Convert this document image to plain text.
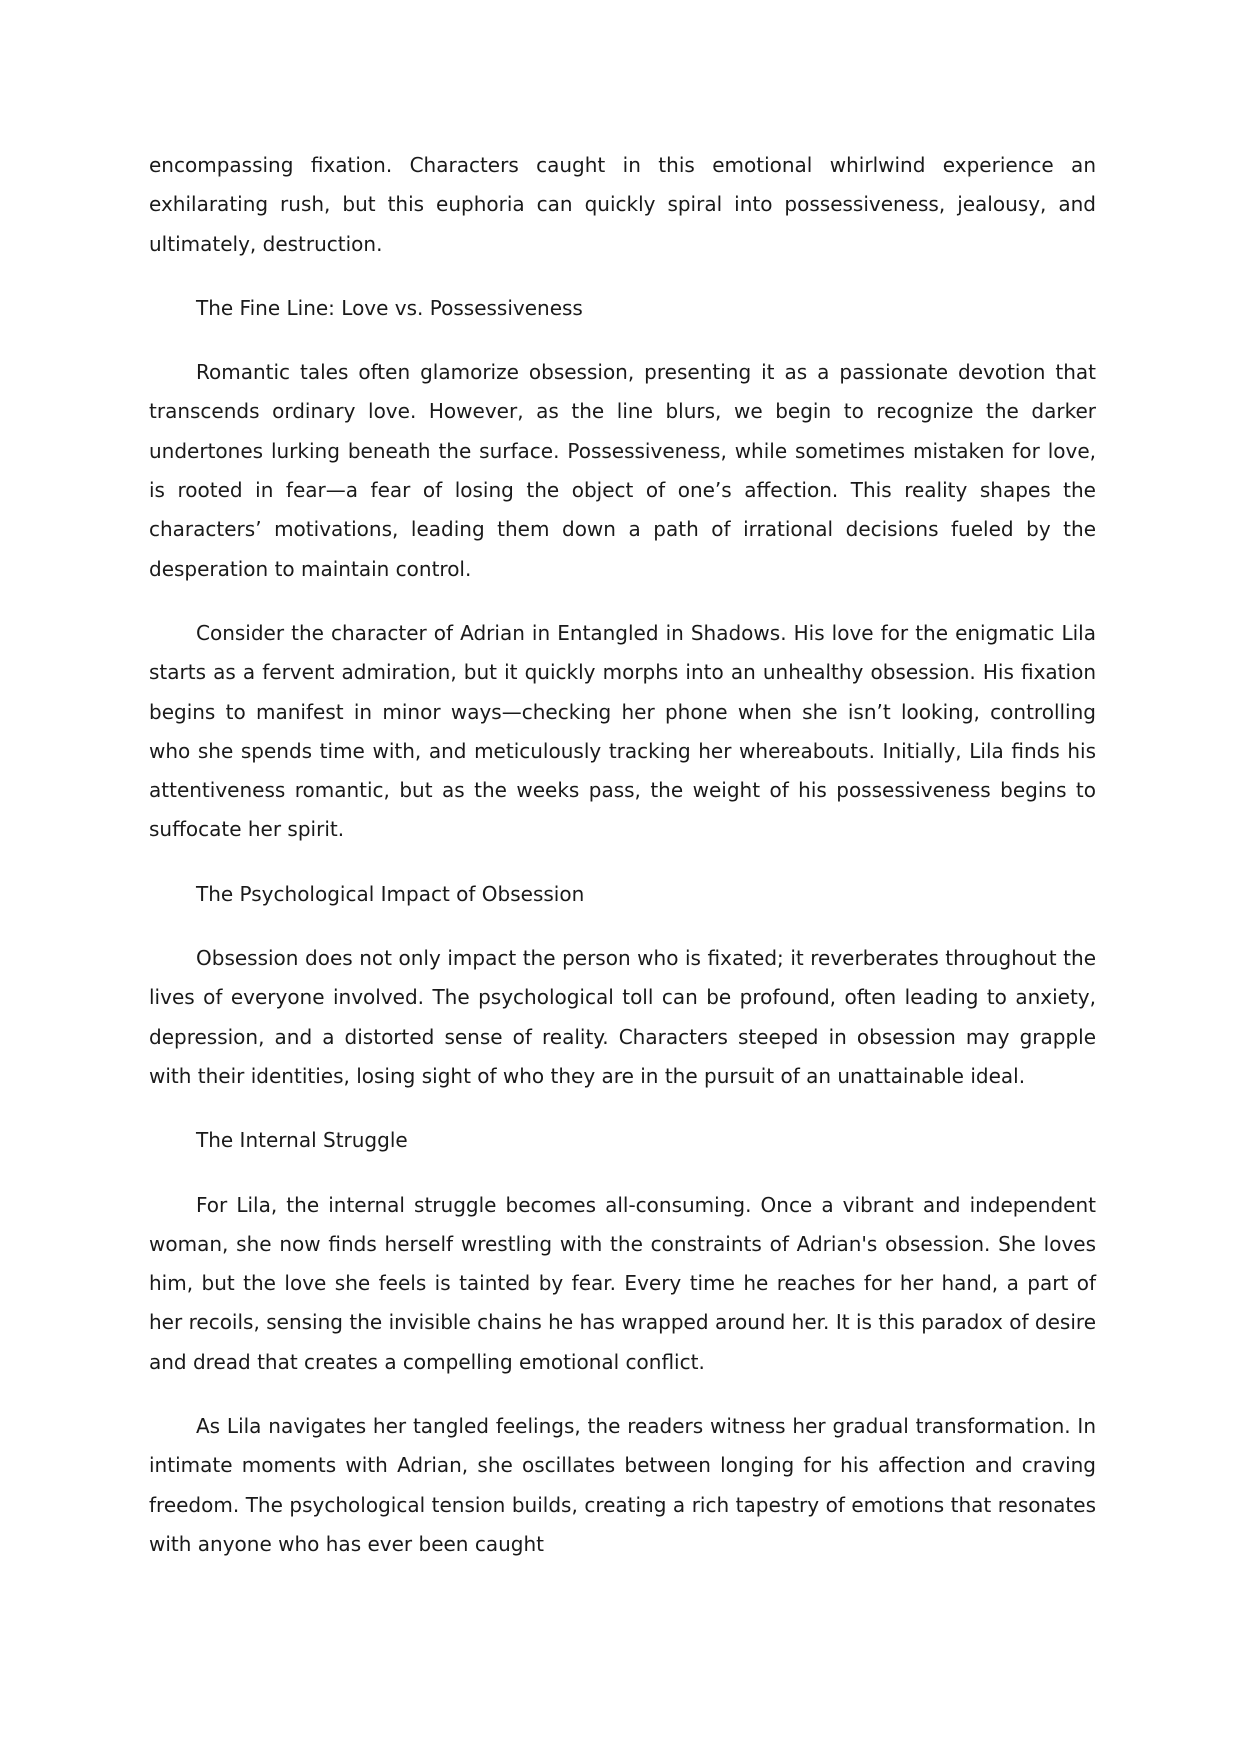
encompassing fixation. Characters caught in this emotional whirlwind experience an exhilarating rush, but this euphoria can quickly spiral into possessiveness, jealousy, and ultimately, destruction.

The Fine Line: Love vs. Possessiveness

Romantic tales often glamorize obsession, presenting it as a passionate devotion that transcends ordinary love. However, as the line blurs, we begin to recognize the darker undertones lurking beneath the surface. Possessiveness, while sometimes mistaken for love, is rooted in fear—a fear of losing the object of one’s affection. This reality shapes the characters’ motivations, leading them down a path of irrational decisions fueled by the desperation to maintain control.

Consider the character of Adrian in Entangled in Shadows. His love for the enigmatic Lila starts as a fervent admiration, but it quickly morphs into an unhealthy obsession. His fixation begins to manifest in minor ways—checking her phone when she isn’t looking, controlling who she spends time with, and meticulously tracking her whereabouts. Initially, Lila finds his attentiveness romantic, but as the weeks pass, the weight of his possessiveness begins to suffocate her spirit.

The Psychological Impact of Obsession

Obsession does not only impact the person who is fixated; it reverberates throughout the lives of everyone involved. The psychological toll can be profound, often leading to anxiety, depression, and a distorted sense of reality. Characters steeped in obsession may grapple with their identities, losing sight of who they are in the pursuit of an unattainable ideal.

The Internal Struggle

For Lila, the internal struggle becomes all-consuming. Once a vibrant and independent woman, she now finds herself wrestling with the constraints of Adrian's obsession. She loves him, but the love she feels is tainted by fear. Every time he reaches for her hand, a part of her recoils, sensing the invisible chains he has wrapped around her. It is this paradox of desire and dread that creates a compelling emotional conflict.

As Lila navigates her tangled feelings, the readers witness her gradual transformation. In intimate moments with Adrian, she oscillates between longing for his affection and craving freedom. The psychological tension builds, creating a rich tapestry of emotions that resonates with anyone who has ever been caught
